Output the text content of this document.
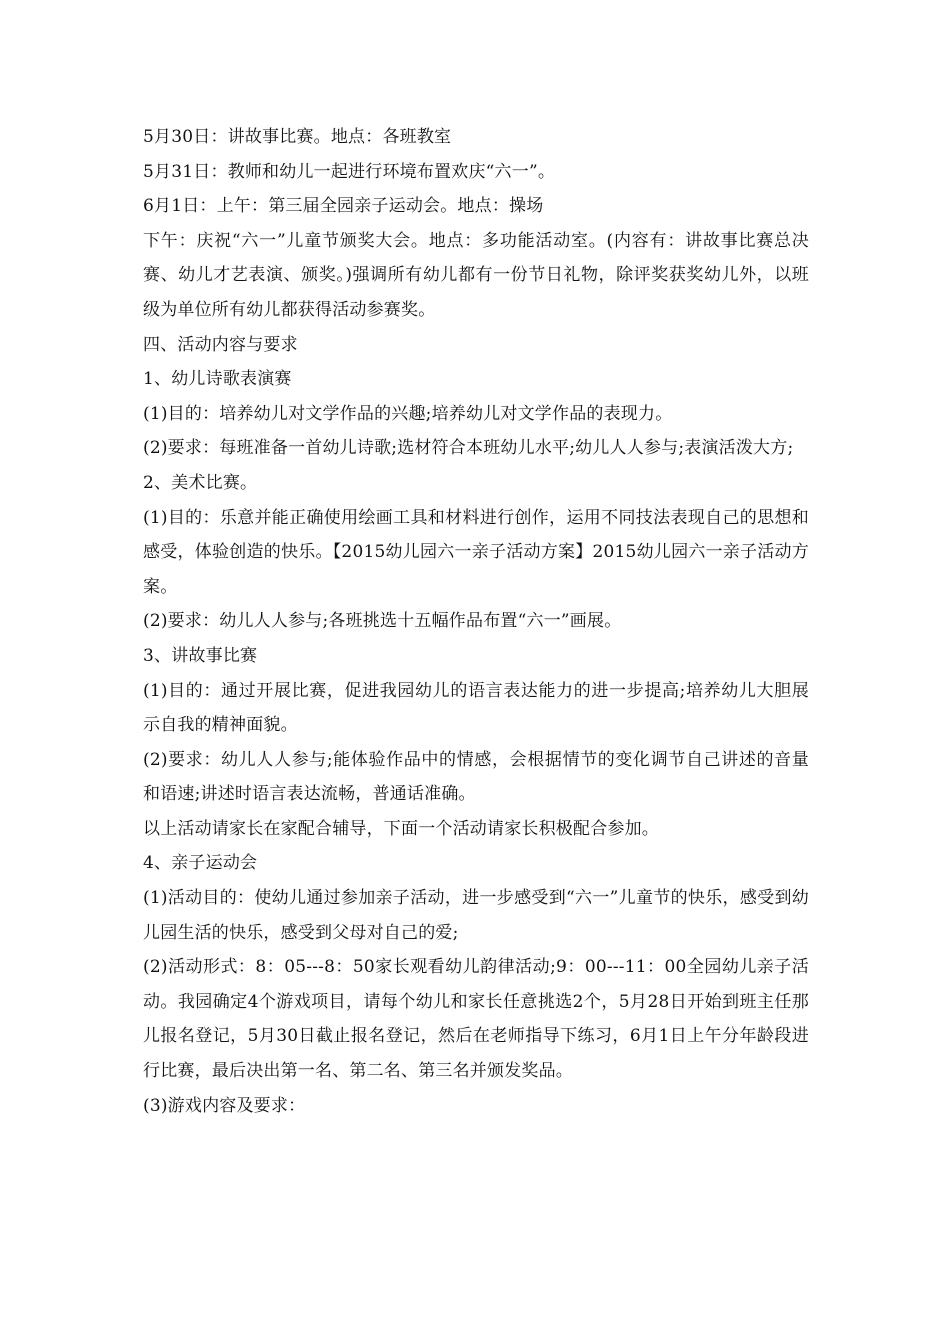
5月30日：讲故事比赛。地点：各班教室

5月31日：教师和幼儿一起进行环境布置欢庆“六一”。

6月1日：上午：第三届全园亲子运动会。地点：操场

下午：庆祝“六一”儿童节颁奖大会。地点：多功能活动室。(内容有：讲故事比赛总决赛、幼儿才艺表演、颁奖。)强调所有幼儿都有一份节日礼物，除评奖获奖幼儿外，以班级为单位所有幼儿都获得活动参赛奖。

四、活动内容与要求

1、幼儿诗歌表演赛

(1)目的：培养幼儿对文学作品的兴趣;培养幼儿对文学作品的表现力。

(2)要求：每班准备一首幼儿诗歌;选材符合本班幼儿水平;幼儿人人参与;表演活泼大方;

2、美术比赛。

(1)目的：乐意并能正确使用绘画工具和材料进行创作，运用不同技法表现自己的思想和感受，体验创造的快乐。【2015幼儿园六一亲子活动方案】2015幼儿园六一亲子活动方案。

(2)要求：幼儿人人参与;各班挑选十五幅作品布置“六一”画展。

3、讲故事比赛

(1)目的：通过开展比赛，促进我园幼儿的语言表达能力的进一步提高;培养幼儿大胆展示自我的精神面貌。

(2)要求：幼儿人人参与;能体验作品中的情感，会根据情节的变化调节自己讲述的音量和语速;讲述时语言表达流畅，普通话准确。

以上活动请家长在家配合辅导，下面一个活动请家长积极配合参加。

4、亲子运动会

(1)活动目的：使幼儿通过参加亲子活动，进一步感受到“六一”儿童节的快乐，感受到幼儿园生活的快乐，感受到父母对自己的爱;

(2)活动形式：8：05---8：50家长观看幼儿韵律活动;9：00---11：00全园幼儿亲子活动。我园确定4个游戏项目，请每个幼儿和家长任意挑选2个，5月28日开始到班主任那儿报名登记，5月30日截止报名登记，然后在老师指导下练习，6月1日上午分年龄段进行比赛，最后决出第一名、第二名、第三名并颁发奖品。

(3)游戏内容及要求：
